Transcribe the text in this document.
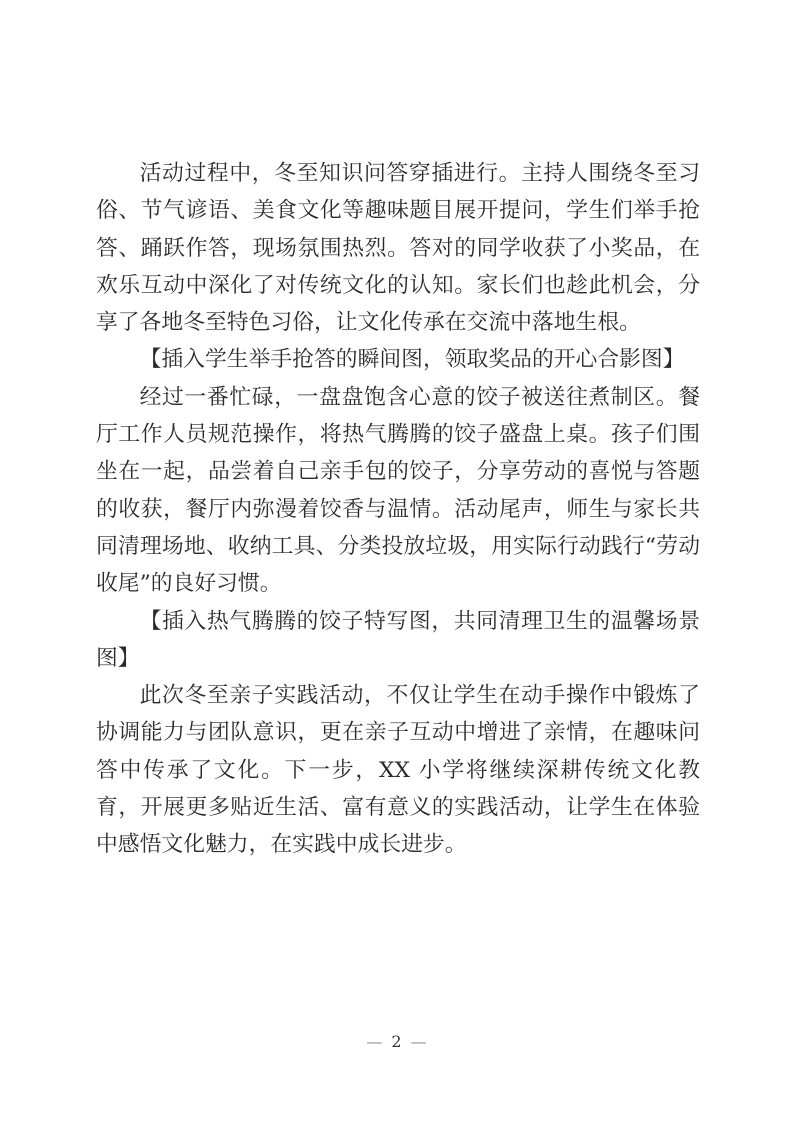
活动过程中，冬至知识问答穿插进行。主持人围绕冬至习俗、节气谚语、美食文化等趣味题目展开提问，学生们举手抢答、踊跃作答，现场氛围热烈。答对的同学收获了小奖品，在欢乐互动中深化了对传统文化的认知。家长们也趁此机会，分享了各地冬至特色习俗，让文化传承在交流中落地生根。

【插入学生举手抢答的瞬间图，领取奖品的开心合影图】

经过一番忙碌，一盘盘饱含心意的饺子被送往煮制区。餐厅工作人员规范操作，将热气腾腾的饺子盛盘上桌。孩子们围坐在一起，品尝着自己亲手包的饺子，分享劳动的喜悦与答题的收获，餐厅内弥漫着饺香与温情。活动尾声，师生与家长共同清理场地、收纳工具、分类投放垃圾，用实际行动践行“劳动收尾”的良好习惯。

【插入热气腾腾的饺子特写图，共同清理卫生的温馨场景图】

此次冬至亲子实践活动，不仅让学生在动手操作中锻炼了协调能力与团队意识，更在亲子互动中增进了亲情，在趣味问答中传承了文化。下一步，XX 小学将继续深耕传统文化教育，开展更多贴近生活、富有意义的实践活动，让学生在体验中感悟文化魅力，在实践中成长进步。

— 2 —
